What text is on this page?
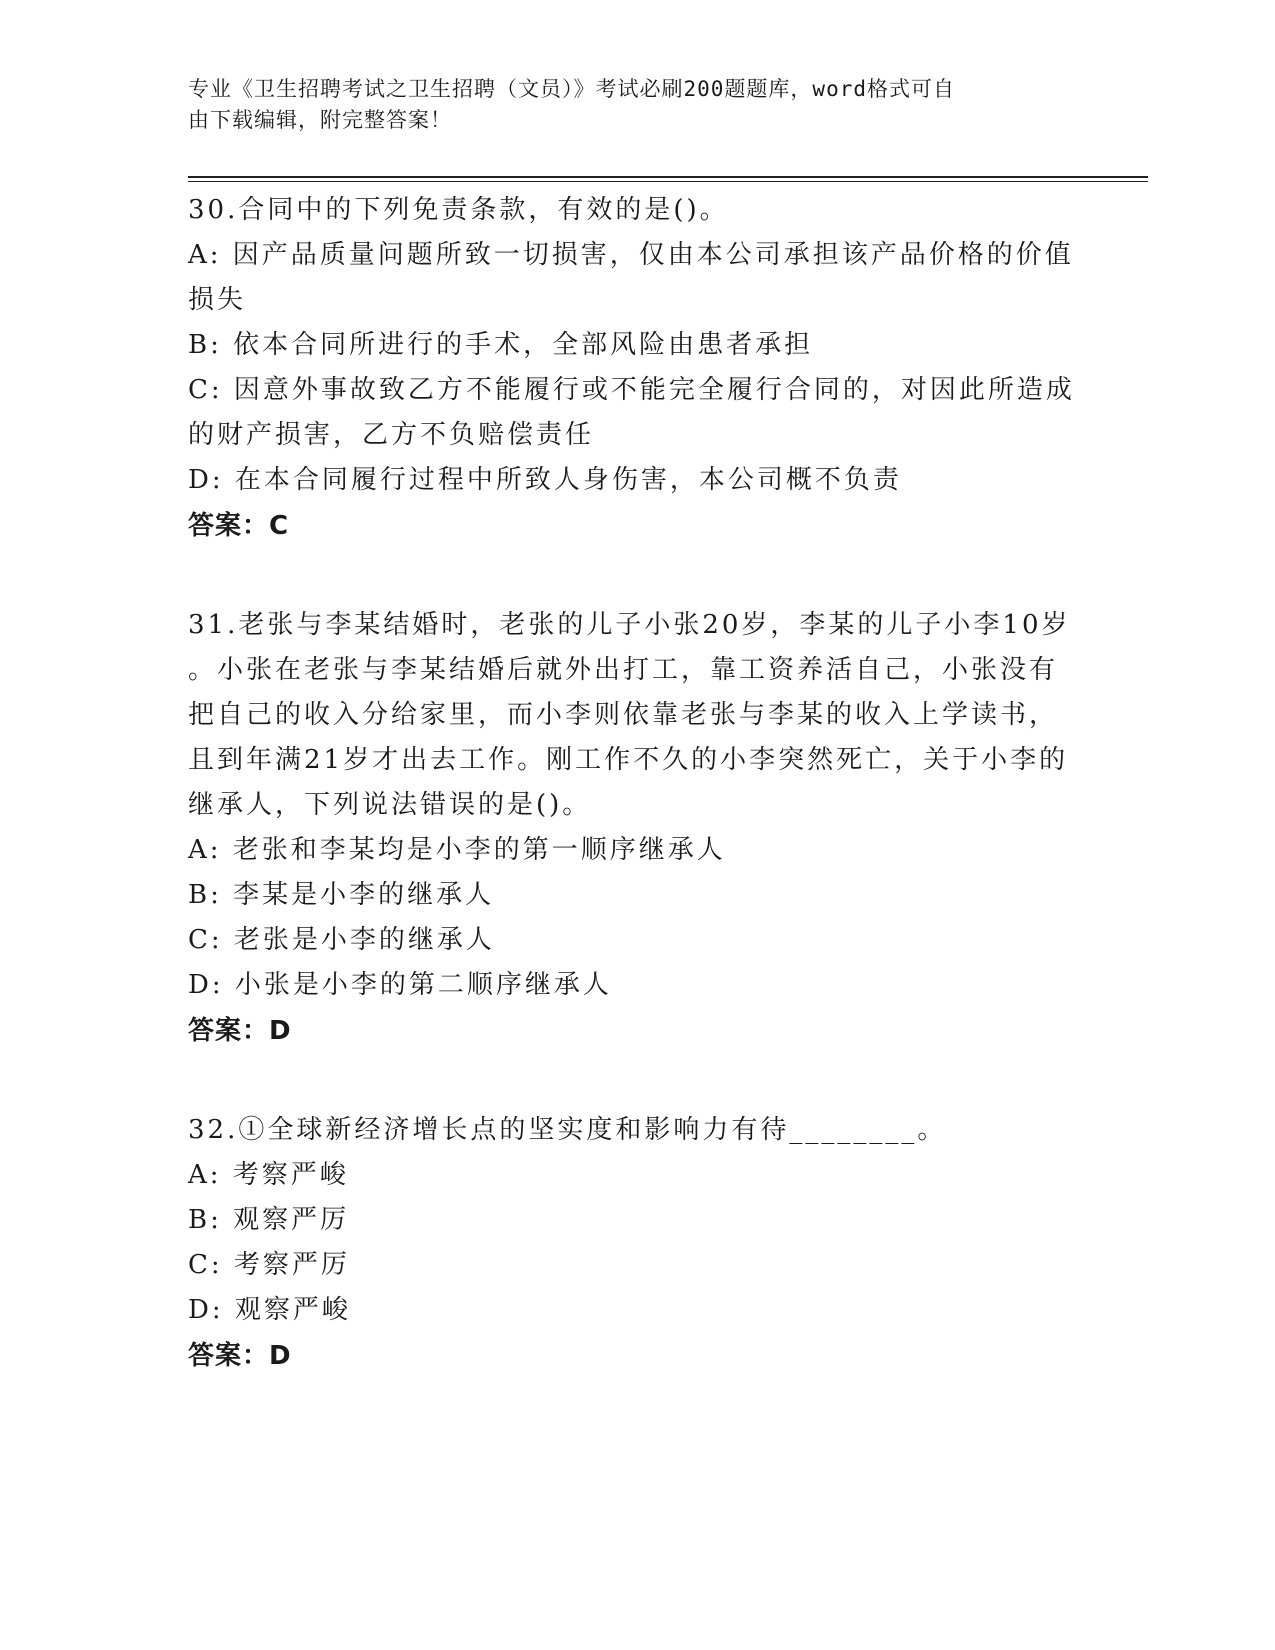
专业《卫生招聘考试之卫生招聘（文员）》考试必刷200题题库，word格式可自
由下载编辑，附完整答案！
30.合同中的下列免责条款，有效的是()。
A: 因产品质量问题所致一切损害，仅由本公司承担该产品价格的价值
损失
B: 依本合同所进行的手术，全部风险由患者承担
C: 因意外事故致乙方不能履行或不能完全履行合同的，对因此所造成
的财产损害，乙方不负赔偿责任
D: 在本合同履行过程中所致人身伤害，本公司概不负责
答案：C
31.老张与李某结婚时，老张的儿子小张20岁，李某的儿子小李10岁
。小张在老张与李某结婚后就外出打工，靠工资养活自己，小张没有
把自己的收入分给家里，而小李则依靠老张与李某的收入上学读书，
且到年满21岁才出去工作。刚工作不久的小李突然死亡，关于小李的
继承人，下列说法错误的是()。
A: 老张和李某均是小李的第一顺序继承人
B: 李某是小李的继承人
C: 老张是小李的继承人
D: 小张是小李的第二顺序继承人
答案：D
32.①全球新经济增长点的坚实度和影响力有待________。
A: 考察严峻
B: 观察严厉
C: 考察严厉
D: 观察严峻
答案：D
